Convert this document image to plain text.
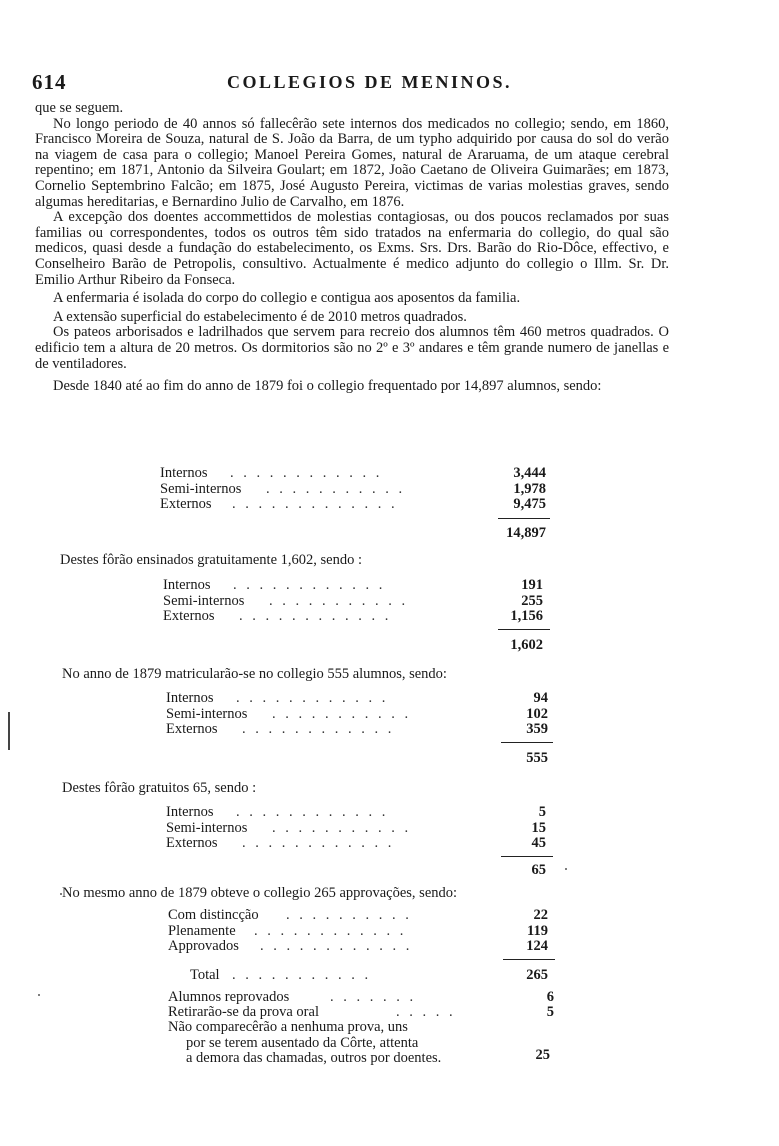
614	COLLEGIOS DE MENINOS.

que se seguem.

No longo periodo de 40 annos só fallecêrão sete internos dos medicados no collegio; sendo, em 1860, Francisco Moreira de Souza, natural de S. João da Barra, de um typho adquirido por causa do sol do verão na viagem de casa para o collegio; Manoel Pereira Gomes, natural de Araruama, de um ataque cerebral repentino; em 1871, Antonio da Silveira Goulart; em 1872, João Caetano de Oliveira Guimarães; em 1873, Cornelio Septembrino Falcão; em 1875, José Augusto Pereira, victimas de varias molestias graves, sendo algumas hereditarias, e Bernardino Julio de Carvalho, em 1876.

A excepção dos doentes accommettidos de molestias contagiosas, ou dos poucos reclamados por suas familias ou correspondentes, todos os outros têm sido tratados na enfermaria do collegio, do qual são medicos, quasi desde a fundação do estabelecimento, os Exms. Srs. Drs. Barão do Rio-Dôce, effectivo, e Conselheiro Barão de Petropolis, consultivo. Actualmente é medico adjunto do collegio o Illm. Sr. Dr. Emilio Arthur Ribeiro da Fonseca.

A enfermaria é isolada do corpo do collegio e contigua aos aposentos da familia.

A extensão superficial do estabelecimento é de 2010 metros quadrados.

Os pateos arborisados e ladrilhados que servem para recreio dos alumnos têm 460 metros quadrados. O edificio tem a altura de 20 metros. Os dormitorios são no 2º e 3º andares e têm grande numero de janellas e de ventiladores.

Desde 1840 até ao fim do anno de 1879 foi o collegio frequentado por 14,897 alumnos, sendo:

Internos . . . . . . . . . . . .	3,444
Semi-internos . . . . . . . . . . .	1,978
Externos . . . . . . . . . . . . .	9,475
14,897
Destes fôrão ensinados gratuitamente 1,602, sendo :
Internos . . . . . . . . . . . .	191
Semi-internos . . . . . . . . . . .	255
Externos . . . . . . . . . . . .	1,156
1,602
No anno de 1879 matricularão-se no collegio 555 alumnos, sendo:
Internos . . . . . . . . . . . .	94
Semi-internos . . . . . . . . . . .	102
Externos . . . . . . . . . . . .	359
555
Destes fôrão gratuitos 65, sendo :
Internos . . . . . . . . . . . .	5
Semi-internos . . . . . . . . . . .	15
Externos . . . . . . . . . . . .	45
65
No mesmo anno de 1879 obteve o collegio 265 approvações, sendo:
Com distincção . . . . . . . . . .	22
Plenamente . . . . . . . . . . . .	119
Approvados . . . . . . . . . . . .	124
Total . . . . . . . . . . .	265
Alumnos reprovados	. . . . . . .	6
Retirarão-se da prova oral	. . . . .	5
Não comparecêrão a nenhuma prova, uns
por se terem ausentado da Côrte, attenta
a demora das chamadas, outros por doentes.	25
